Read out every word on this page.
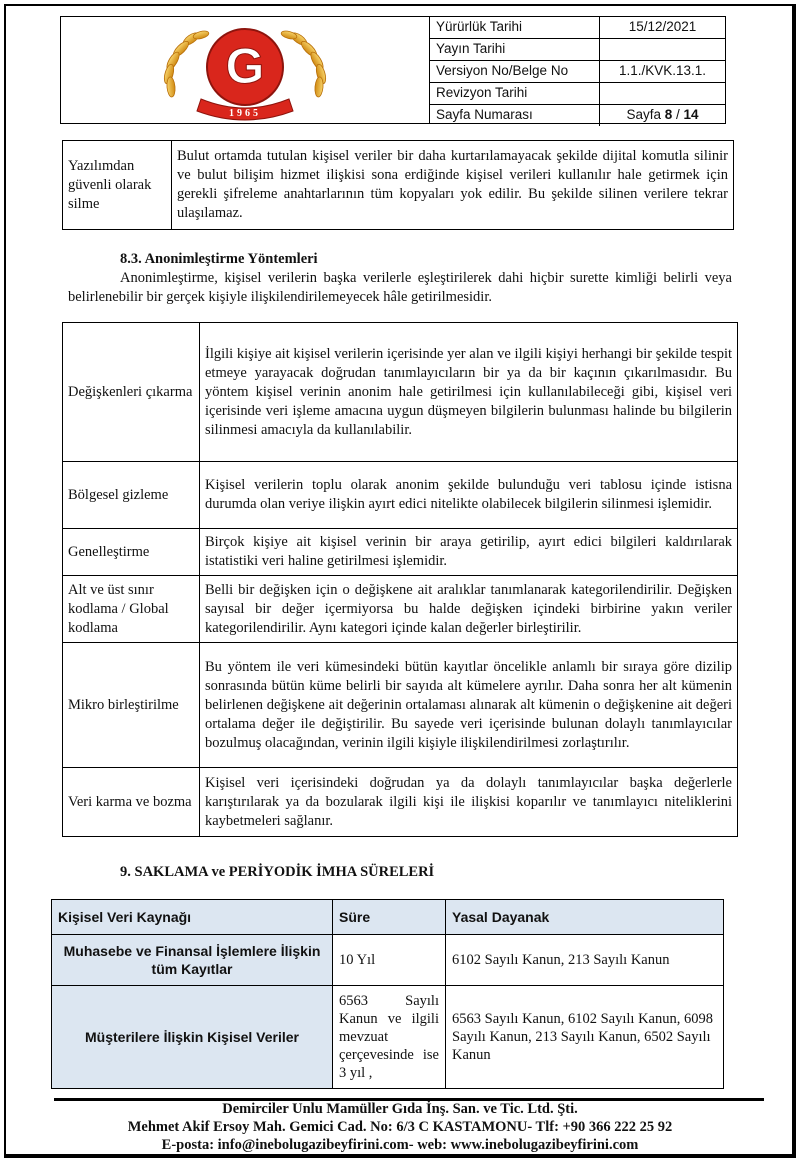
G
1965
Yürürlük Tarihi	15/12/2021
Yayın Tarihi
Versiyon No/Belge No	1.1./KVK.13.1.
Revizyon Tarihi
Sayfa Numarası	Sayfa 8 / 14
Yazılımdan güvenli olarak silme	Bulut ortamda tutulan kişisel veriler bir daha kurtarılamayacak şekilde dijital komutla silinir ve bulut bilişim hizmet ilişkisi sona erdiğinde kişisel verileri kullanılır hale getirmek için gerekli şifreleme anahtarlarının tüm kopyaları yok edilir. Bu şekilde silinen verilere tekrar ulaşılamaz.
8.3. Anonimleştirme Yöntemleri
Anonimleştirme, kişisel verilerin başka verilerle eşleştirilerek dahi hiçbir surette kimliği belirli veya belirlenebilir bir gerçek kişiyle ilişkilendirilemeyecek hâle getirilmesidir.
Değişkenleri çıkarma	İlgili kişiye ait kişisel verilerin içerisinde yer alan ve ilgili kişiyi herhangi bir şekilde tespit etmeye yarayacak doğrudan tanımlayıcıların bir ya da bir kaçının çıkarılmasıdır. Bu yöntem kişisel verinin anonim hale getirilmesi için kullanılabileceği gibi, kişisel veri içerisinde veri işleme amacına uygun düşmeyen bilgilerin bulunması halinde bu bilgilerin silinmesi amacıyla da kullanılabilir.
Bölgesel gizleme	Kişisel verilerin toplu olarak anonim şekilde bulunduğu veri tablosu içinde istisna durumda olan veriye ilişkin ayırt edici nitelikte olabilecek bilgilerin silinmesi işlemidir.
Genelleştirme	Birçok kişiye ait kişisel verinin bir araya getirilip, ayırt edici bilgileri kaldırılarak istatistiki veri haline getirilmesi işlemidir.
Alt ve üst sınır kodlama / Global kodlama	Belli bir değişken için o değişkene ait aralıklar tanımlanarak kategorilendirilir. Değişken sayısal bir değer içermiyorsa bu halde değişken içindeki birbirine yakın veriler kategorilendirilir. Aynı kategori içinde kalan değerler birleştirilir.
Mikro birleştirilme	Bu yöntem ile veri kümesindeki bütün kayıtlar öncelikle anlamlı bir sıraya göre dizilip sonrasında bütün küme belirli bir sayıda alt kümelere ayrılır. Daha sonra her alt kümenin belirlenen değişkene ait değerinin ortalaması alınarak alt kümenin o değişkenine ait değeri ortalama değer ile değiştirilir. Bu sayede veri içerisinde bulunan dolaylı tanımlayıcılar bozulmuş olacağından, verinin ilgili kişiyle ilişkilendirilmesi zorlaştırılır.
Veri karma ve bozma	Kişisel veri içerisindeki doğrudan ya da dolaylı tanımlayıcılar başka değerlerle karıştırılarak ya da bozularak ilgili kişi ile ilişkisi koparılır ve tanımlayıcı niteliklerini kaybetmeleri sağlanır.
9. SAKLAMA ve PERİYODİK İMHA SÜRELERİ
Kişisel Veri Kaynağı	Süre	Yasal Dayanak
Muhasebe ve Finansal İşlemlere İlişkin tüm Kayıtlar	10 Yıl	6102 Sayılı Kanun, 213 Sayılı Kanun
Müşterilere İlişkin Kişisel Veriler	6563 Sayılı Kanun ve ilgili mevzuat çerçevesinde ise 3 yıl ,	6563 Sayılı Kanun, 6102 Sayılı Kanun, 6098 Sayılı Kanun, 213 Sayılı Kanun, 6502 Sayılı Kanun
Demirciler Unlu Mamüller Gıda İnş. San. ve Tic. Ltd. Şti.
Mehmet Akif Ersoy Mah. Gemici Cad. No: 6/3 C KASTAMONU- Tlf: +90 366 222 25 92
E-posta: info@inebolugazibeyfirini.com- web: www.inebolugazibeyfirini.com
